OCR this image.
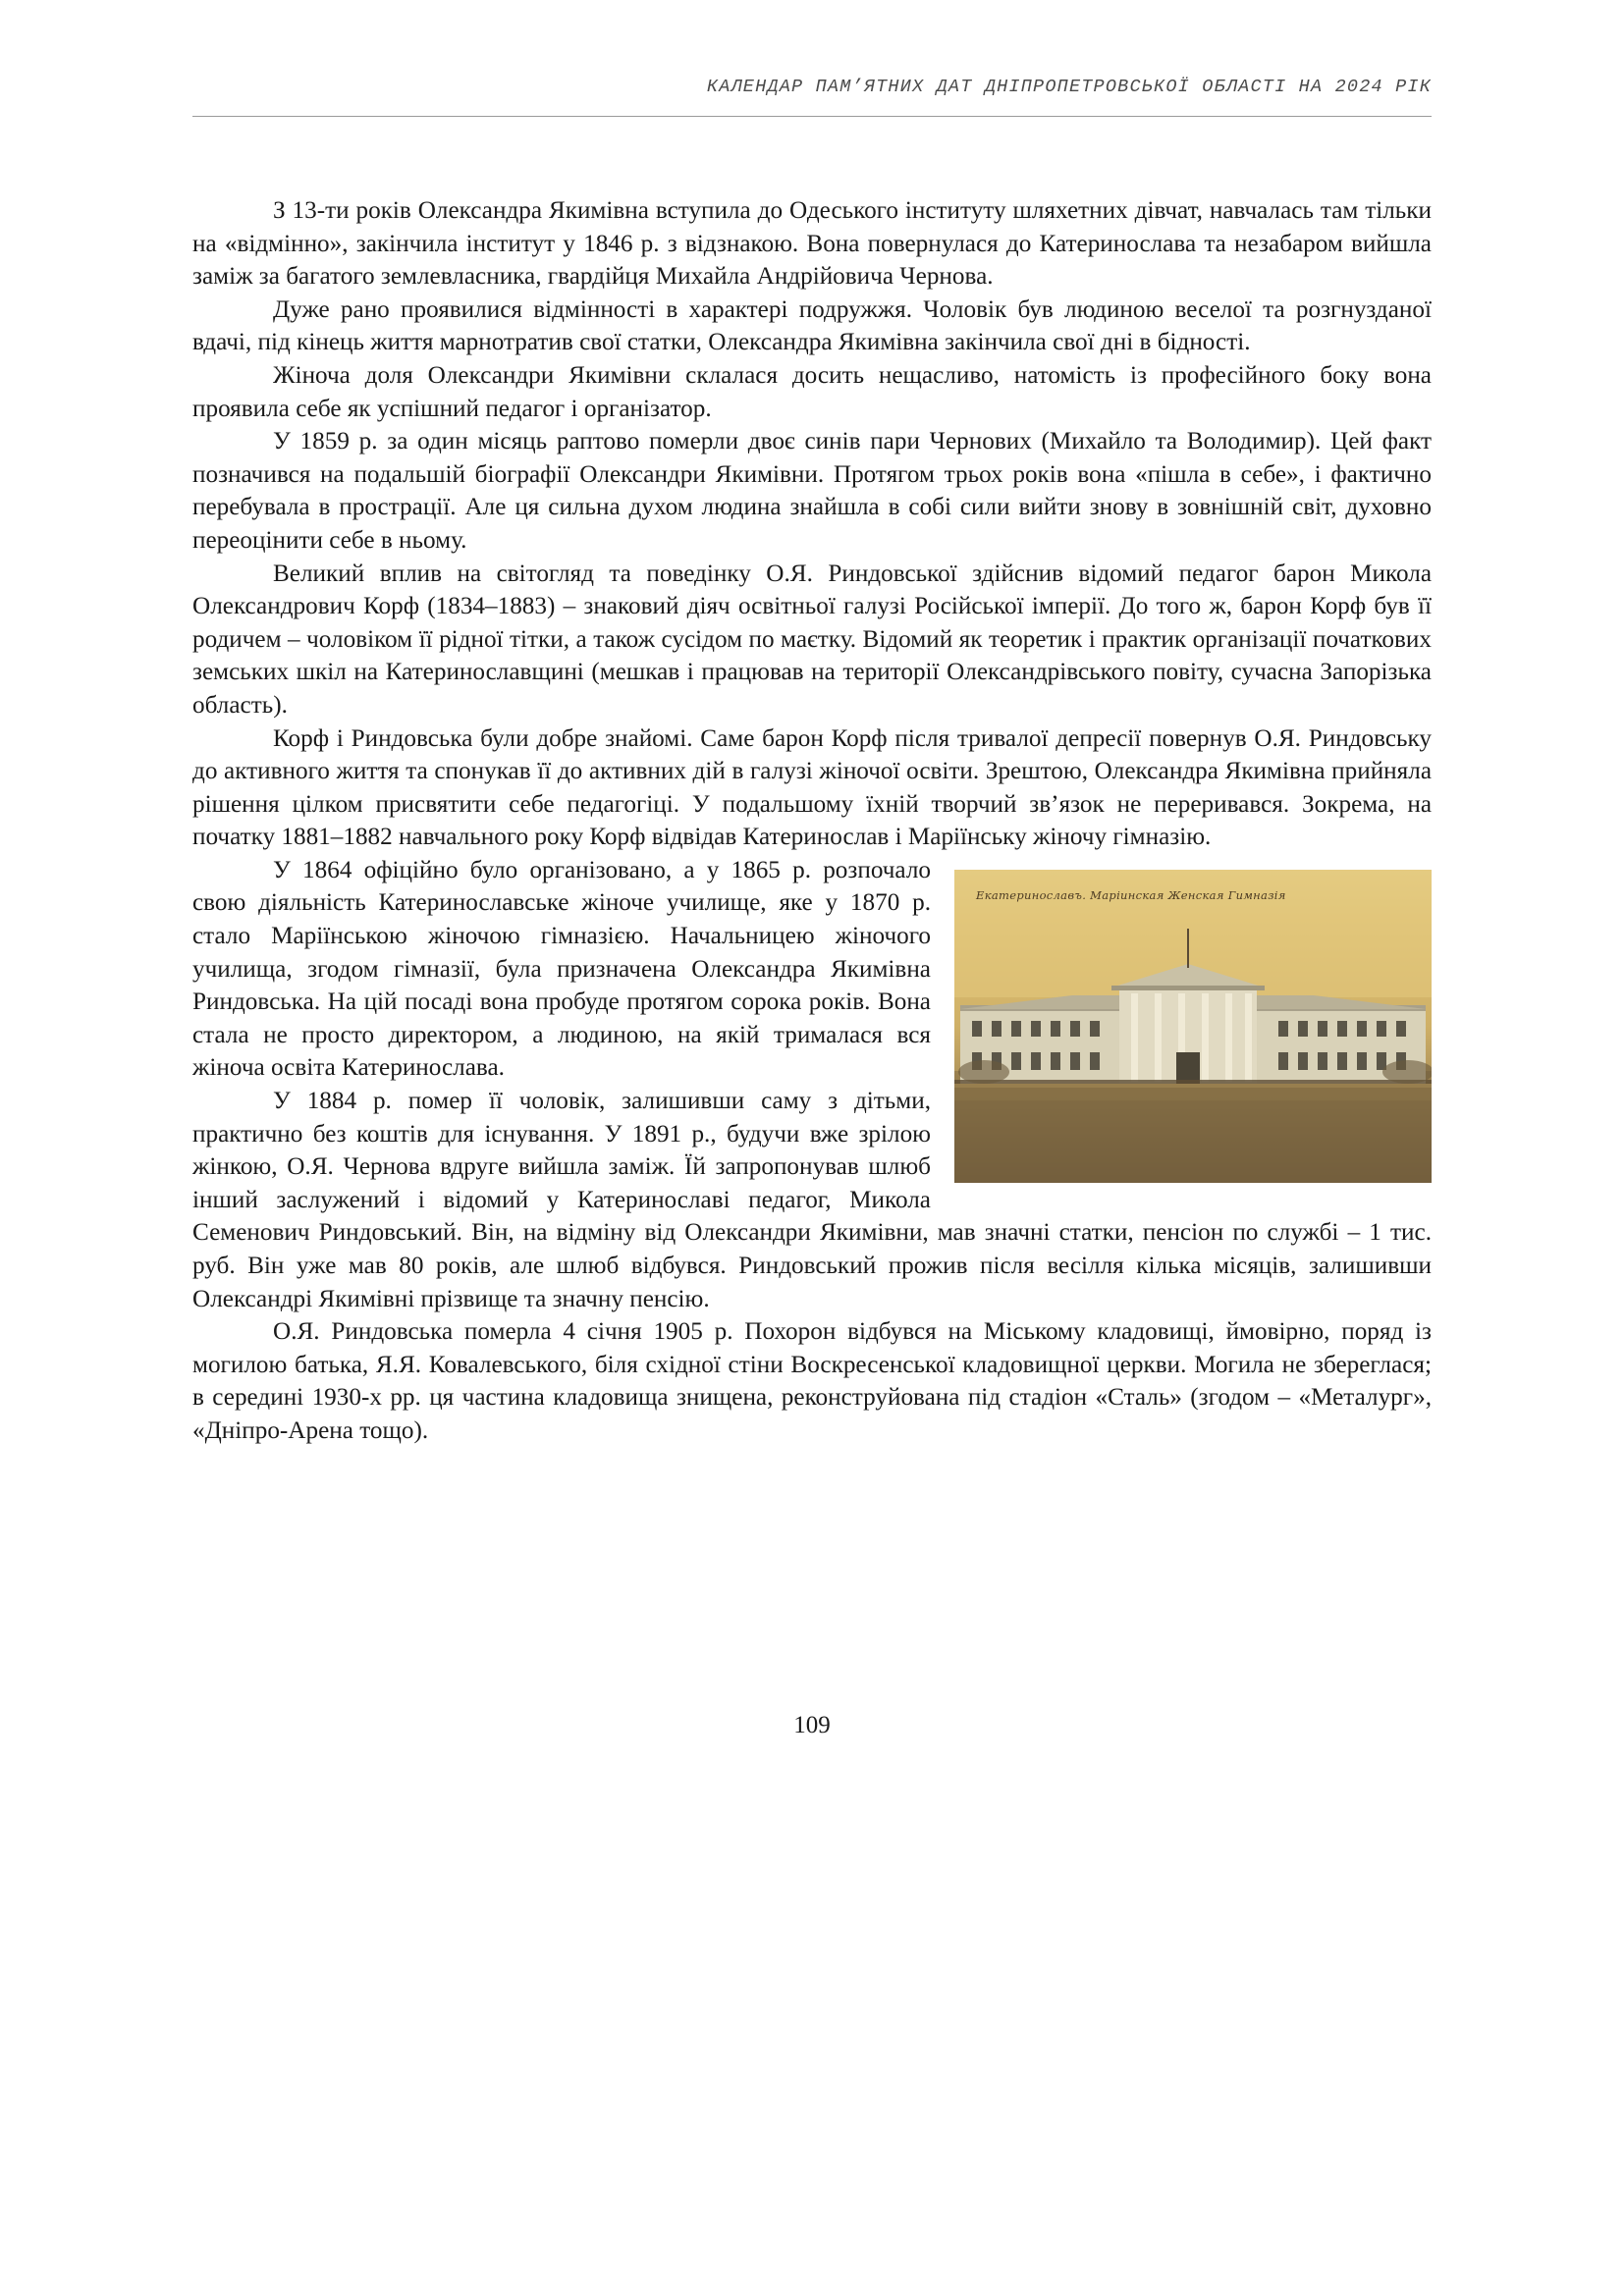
КАЛЕНДАР ПАМ’ЯТНИХ ДАТ ДНІПРОПЕТРОВСЬКОЇ ОБЛАСТІ НА 2024 РІК

З 13-ти років Олександра Якимівна вступила до Одеського інституту шляхетних дівчат, навчалась там тільки на «відмінно», закінчила інститут у 1846 р. з відзнакою. Вона повернулася до Катеринослава та незабаром вийшла заміж за багатого землевласника, гвардійця Михайла Андрійовича Чернова.

Дуже рано проявилися відмінності в характері подружжя. Чоловік був людиною веселої та розгнузданої вдачі, під кінець життя марнотратив свої статки, Олександра Якимівна закінчила свої дні в бідності.

Жіноча доля Олександри Якимівни склалася досить нещасливо, натомість із професійного боку вона проявила себе як успішний педагог і організатор.

У 1859 р. за один місяць раптово померли двоє синів пари Чернових (Михайло та Володимир). Цей факт позначився на подальшій біографії Олександри Якимівни. Протягом трьох років вона «пішла в себе», і фактично перебувала в прострації. Але ця сильна духом людина знайшла в собі сили вийти знову в зовнішній світ, духовно переоцінити себе в ньому.

Великий вплив на світогляд та поведінку О.Я. Риндовської здійснив відомий педагог барон Микола Олександрович Корф (1834–1883) – знаковий діяч освітньої галузі Російської імперії. До того ж, барон Корф був її родичем – чоловіком її рідної тітки, а також сусідом по маєтку. Відомий як теоретик і практик організації початкових земських шкіл на Катеринославщині (мешкав і працював на території Олександрівського повіту, сучасна Запорізька область).

Корф і Риндовська були добре знайомі. Саме барон Корф після тривалої депресії повернув О.Я. Риндовську до активного життя та спонукав її до активних дій в галузі жіночої освіти. Зрештою, Олександра Якимівна прийняла рішення цілком присвятити себе педагогіці. У подальшому їхній творчий зв’язок не переривався. Зокрема, на початку 1881–1882 навчального року Корф відвідав Катеринослав і Маріїнську жіночу гімназію.

Екатеринославъ. Маріинская Женская Гимназія

У 1864 офіційно було організовано, а у 1865 р. розпочало свою діяльність Катеринославське жіноче училище, яке у 1870 р. стало Маріїнською жіночою гімназією. Начальницею жіночого училища, згодом гімназії, була призначена Олександра Якимівна Риндовська. На цій посаді вона пробуде протягом сорока років. Вона стала не просто директором, а людиною, на якій трималася вся жіноча освіта Катеринослава.

У 1884 р. помер її чоловік, залишивши саму з дітьми, практично без коштів для існування. У 1891 р., будучи вже зрілою жінкою, О.Я. Чернова вдруге вийшла заміж. Їй запропонував шлюб інший заслужений і відомий у Катеринославі педагог, Микола Семенович Риндовський. Він, на відміну від Олександри Якимівни, мав значні статки, пенсіон по службі – 1 тис. руб. Він уже мав 80 років, але шлюб відбувся. Риндовський прожив після весілля кілька місяців, залишивши Олександрі Якимівні прізвище та значну пенсію.

О.Я. Риндовська померла 4 січня 1905 р. Похорон відбувся на Міському кладовищі, ймовірно, поряд із могилою батька, Я.Я. Ковалевського, біля східної стіни Воскресенської кладовищної церкви. Могила не збереглася; в середині 1930-х рр. ця частина кладовища знищена, реконструйована під стадіон «Сталь» (згодом – «Металург», «Дніпро-Арена тощо).

109
